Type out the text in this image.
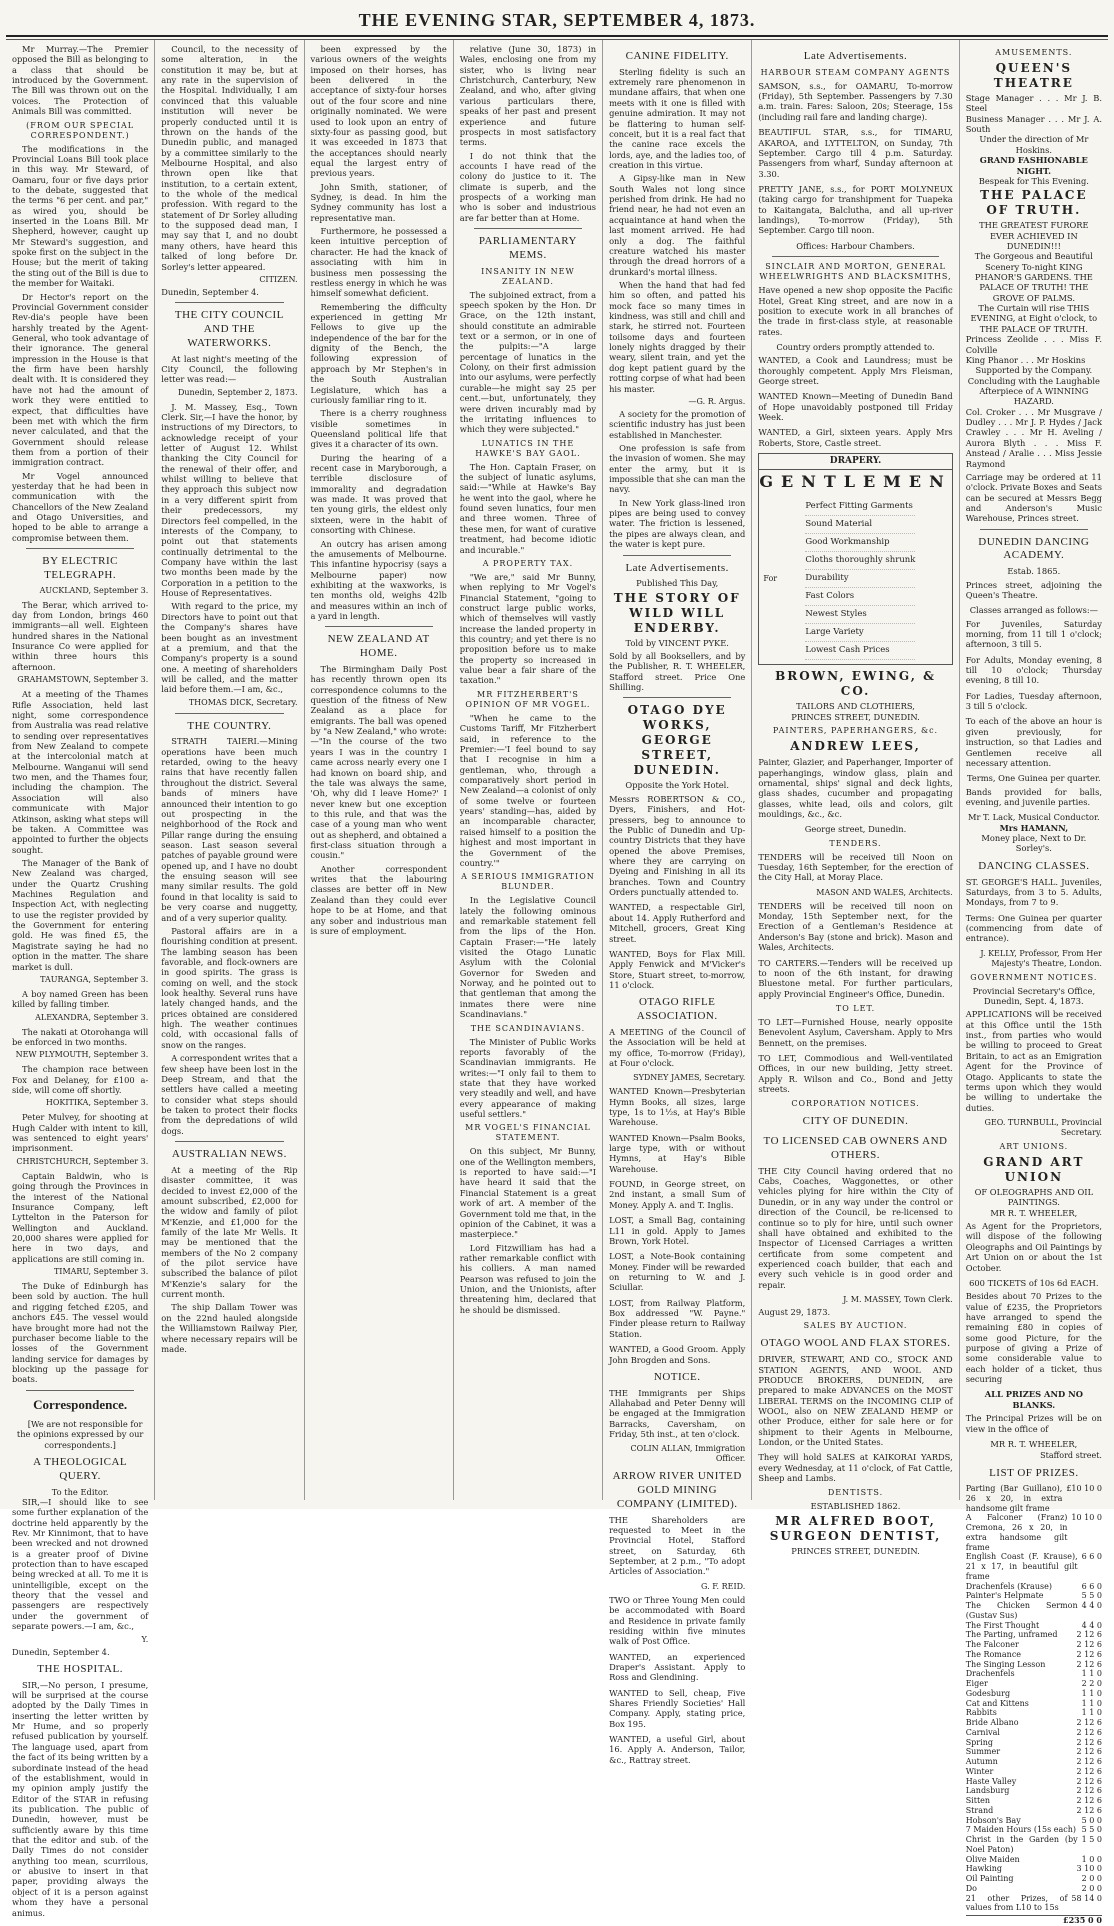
THE EVENING STAR, SEPTEMBER 4, 1873.

Mr Murray.—The Premier opposed the Bill as belonging to a class that should be introduced by the Government. The Bill was thrown out on the voices. The Protection of Animals Bill was committed.

(FROM OUR SPECIAL CORRESPONDENT.)

The modifications in the Provincial Loans Bill took place in this way. Mr Steward, of Oamaru, four or five days prior to the debate, suggested that the terms "6 per cent. and par," as wired you, should be inserted in the Loans Bill. Mr Shepherd, however, caught up Mr Steward's suggestion, and spoke first on the subject in the House; but the merit of taking the sting out of the Bill is due to the member for Waitaki.

Dr Hector's report on the Provincial Government consider Rev-dia's people have been harshly treated by the Agent-General, who took advantage of their ignorance. The general impression in the House is that the firm have been harshly dealt with. It is considered they have not had the amount of work they were entitled to expect, that difficulties have been met with which the firm never calculated, and that the Government should release them from a portion of their immigration contract.

Mr Vogel announced yesterday that he had been in communication with the Chancellors of the New Zealand and Otago Universities, and hoped to be able to arrange a compromise between them.

BY ELECTRIC TELEGRAPH.
AUCKLAND, September 3.

The Berar, which arrived to-day from London, brings 460 immigrants—all well. Eighteen hundred shares in the National Insurance Co were applied for within three hours this afternoon.

GRAHAMSTOWN, September 3.

At a meeting of the Thames Rifle Association, held last night, some correspondence from Australia was read relative to sending over representatives from New Zealand to compete at the intercolonial match at Melbourne. Wanganui will send two men, and the Thames four, including the champion. The Association will also communicate with Major Atkinson, asking what steps will be taken. A Committee was appointed to further the objects sought.

The Manager of the Bank of New Zealand was charged, under the Quartz Crushing Machines Regulation and Inspection Act, with neglecting to use the register provided by the Government for entering gold. He was fined £5, the Magistrate saying he had no option in the matter. The share market is dull.

TAURANGA, September 3.

A boy named Green has been killed by falling timber.

ALEXANDRA, September 3.

The nakati at Otorohanga will be enforced in two months.

NEW PLYMOUTH, September 3.

The champion race between Fox and Delaney, for £100 a-side, will come off shortly.

HOKITIKA, September 3.

Peter Mulvey, for shooting at Hugh Calder with intent to kill, was sentenced to eight years' imprisonment.

CHRISTCHURCH, September 3.

Captain Baldwin, who is going through the Provinces in the interest of the National Insurance Company, left Lyttelton in the Paterson for Wellington and Auckland. 20,000 shares were applied for here in two days, and applications are still coming in.

TIMARU, September 3.

The Duke of Edinburgh has been sold by auction. The hull and rigging fetched £205, and anchors £45. The vessel would have brought more had not the purchaser become liable to the losses of the Government landing service for damages by blocking up the passage for boats.

Correspondence.

[We are not responsible for the opinions expressed by our correspondents.]

A THEOLOGICAL QUERY.
To the Editor.

SIR,—I should like to see some further explanation of the doctrine held apparently by the Rev. Mr Kinnimont, that to have been wrecked and not drowned is a greater proof of Divine protection than to have escaped being wrecked at all. To me it is unintelligible, except on the theory that the vessel and passengers are respectively under the government of separate powers.—I am, &c.,

Y.
Dunedin, September 4.
THE HOSPITAL.

SIR,—No person, I presume, will be surprised at the course adopted by the Daily Times in inserting the letter written by Mr Hume, and so properly refused publication by yourself. The language used, apart from the fact of its being written by a subordinate instead of the head of the establishment, would in my opinion amply justify the Editor of the STAR in refusing its publication. The public of Dunedin, however, must be sufficiently aware by this time that the editor and sub. of the Daily Times do not consider anything too mean, scurrilous, or abusive to insert in that paper, providing always the object of it is a person against whom they have a personal animus.

Council, to the necessity of some alteration, in the constitution it may be, but at any rate in the supervision of the Hospital. Individually, I am convinced that this valuable institution will never be properly conducted until it is thrown on the hands of the Dunedin public, and managed by a committee similarly to the Melbourne Hospital, and also thrown open like that institution, to a certain extent, to the whole of the medical profession. With regard to the statement of Dr Sorley alluding to the supposed dead man, I may say that I, and no doubt many others, have heard this talked of long before Dr. Sorley's letter appeared.

CITIZEN.
Dunedin, September 4.
THE CITY COUNCIL AND THE WATERWORKS.

At last night's meeting of the City Council, the following letter was read:—

Dunedin, September 2, 1873.

J. M. Massey, Esq., Town Clerk. Sir,—I have the honor, by instructions of my Directors, to acknowledge receipt of your letter of August 12. Whilst thanking the City Council for the renewal of their offer, and whilst willing to believe that they approach this subject now in a very different spirit from their predecessors, my Directors feel compelled, in the interests of the Company, to point out that statements continually detrimental to the Company have within the last two months been made by the Corporation in a petition to the House of Representatives.

With regard to the price, my Directors have to point out that the Company's shares have been bought as an investment at a premium, and that the Company's property is a sound one. A meeting of shareholders will be called, and the matter laid before them.—I am, &c.,

THOMAS DICK, Secretary.
THE COUNTRY.

STRATH TAIERI.—Mining operations have been much retarded, owing to the heavy rains that have recently fallen throughout the district. Several bands of miners have announced their intention to go out prospecting in the neighborhood of the Rock and Pillar range during the ensuing season. Last season several patches of payable ground were opened up, and I have no doubt the ensuing season will see many similar results. The gold found in that locality is said to be very coarse and nuggetty, and of a very superior quality.

Pastoral affairs are in a flourishing condition at present. The lambing season has been favorable, and flock-owners are in good spirits. The grass is coming on well, and the stock look healthy. Several runs have lately changed hands, and the prices obtained are considered high. The weather continues cold, with occasional falls of snow on the ranges.

A correspondent writes that a few sheep have been lost in the Deep Stream, and that the settlers have called a meeting to consider what steps should be taken to protect their flocks from the depredations of wild dogs.

AUSTRALIAN NEWS.

At a meeting of the Rip disaster committee, it was decided to invest £2,000 of the amount subscribed, £2,000 for the widow and family of pilot M'Kenzie, and £1,000 for the family of the late Mr Wells. It may be mentioned that the members of the No 2 company of the pilot service have subscribed the balance of pilot M'Kenzie's salary for the current month.

The ship Dallam Tower was on the 22nd hauled alongside the Williamstown Railway Pier, where necessary repairs will be made.

been expressed by the various owners of the weights imposed on their horses, has been delivered in the acceptance of sixty-four horses out of the four score and nine originally nominated. We were used to look upon an entry of sixty-four as passing good, but it was exceeded in 1873 that the acceptances should nearly equal the largest entry of previous years.

John Smith, stationer, of Sydney, is dead. In him the Sydney community has lost a representative man.

Furthermore, he possessed a keen intuitive perception of character. He had the knack of associating with him in business men possessing the restless energy in which he was himself somewhat deficient.

Remembering the difficulty experienced in getting Mr Fellows to give up the independence of the bar for the dignity of the Bench, the following expression of approach by Mr Stephen's in the South Australian Legislature, which has a curiously familiar ring to it.

There is a cherry roughness visible sometimes in Queensland political life that gives it a character of its own.

During the hearing of a recent case in Maryborough, a terrible disclosure of immorality and degradation was made. It was proved that ten young girls, the eldest only sixteen, were in the habit of consorting with Chinese.

An outcry has arisen among the amusements of Melbourne. This infantine hypocrisy (says a Melbourne paper) now exhibiting at the waxworks, is ten months old, weighs 42lb and measures within an inch of a yard in length.

NEW ZEALAND AT HOME.

The Birmingham Daily Post has recently thrown open its correspondence columns to the question of the fitness of New Zealand as a place for emigrants. The ball was opened by "a New Zealand," who wrote:—"In the course of the two years I was in the country I came across nearly every one I had known on board ship, and the tale was always the same, 'Oh, why did I leave Home?' I never knew but one exception to this rule, and that was the case of a young man who went out as shepherd, and obtained a first-class situation through a cousin."

Another correspondent writes that the labouring classes are better off in New Zealand than they could ever hope to be at Home, and that any sober and industrious man is sure of employment.

relative (June 30, 1873) in Wales, enclosing one from my sister, who is living near Christchurch, Canterbury, New Zealand, and who, after giving various particulars there, speaks of her past and present experience and future prospects in most satisfactory terms.

I do not think that the accounts I have read of the colony do justice to it. The climate is superb, and the prospects of a working man who is sober and industrious are far better than at Home.

PARLIAMENTARY MEMS.
INSANITY IN NEW ZEALAND.

The subjoined extract, from a speech spoken by the Hon. Dr Grace, on the 12th instant, should constitute an admirable text or a sermon, or in one of the pulpits:—"A large percentage of lunatics in the Colony, on their first admission into our asylums, were perfectly curable—he might say 25 per cent.—but, unfortunately, they were driven incurably mad by the irritating influences to which they were subjected."

LUNATICS IN THE HAWKE'S BAY GAOL.

The Hon. Captain Fraser, on the subject of lunatic asylums, said:—"While at Hawke's Bay he went into the gaol, where he found seven lunatics, four men and three women. Three of these men, for want of curative treatment, had become idiotic and incurable."

A PROPERTY TAX.

"We are," said Mr Bunny, when replying to Mr Vogel's Financial Statement, "going to construct large public works, which of themselves will vastly increase the landed property in this country; and yet there is no proposition before us to make the property so increased in value bear a fair share of the taxation."

MR FITZHERBERT'S OPINION OF MR VOGEL.

"When he came to the Customs Tariff, Mr Fitzherbert said, in reference to the Premier:—'I feel bound to say that I recognise in him a gentleman, who, through a comparatively short period in New Zealand—a colonist of only of some twelve or fourteen years' standing—has, aided by an incomparable character, raised himself to a position the highest and most important in the Government of the country.'"

A SERIOUS IMMIGRATION BLUNDER.

In the Legislative Council lately the following ominous and remarkable statement fell from the lips of the Hon. Captain Fraser:—"He lately visited the Otago Lunatic Asylum with the Colonial Governor for Sweden and Norway, and he pointed out to that gentleman that among the inmates there were nine Scandinavians."

THE SCANDINAVIANS.

The Minister of Public Works reports favorably of the Scandinavian immigrants. He writes:—"I only fail to them to state that they have worked very steadily and well, and have every appearance of making useful settlers."

MR VOGEL'S FINANCIAL STATEMENT.

On this subject, Mr Bunny, one of the Wellington members, is reported to have said:—"I have heard it said that the Financial Statement is a great work of art. A member of the Government told me that, in the opinion of the Cabinet, it was a masterpiece."

Lord Fitzwilliam has had a rather remarkable conflict with his colliers. A man named Pearson was refused to join the Union, and the Unionists, after threatening him, declared that he should be dismissed.

CANINE FIDELITY.

Sterling fidelity is such an extremely rare phenomenon in mundane affairs, that when one meets with it one is filled with genuine admiration. It may not be flattering to human self-conceit, but it is a real fact that the canine race excels the lords, aye, and the ladies too, of creation in this virtue.

A Gipsy-like man in New South Wales not long since perished from drink. He had no friend near, he had not even an acquaintance at hand when the last moment arrived. He had only a dog. The faithful creature watched his master through the dread horrors of a drunkard's mortal illness.

When the hand that had fed him so often, and patted his mock face so many times in kindness, was still and chill and stark, he stirred not. Fourteen toilsome days and fourteen lonely nights dragged by their weary, silent train, and yet the dog kept patient guard by the rotting corpse of what had been his master.

—G. R. Argus.

A society for the promotion of scientific industry has just been established in Manchester.

One profession is safe from the invasion of women. She may enter the army, but it is impossible that she can man the navy.

In New York glass-lined iron pipes are being used to convey water. The friction is lessened, the pipes are always clean, and the water is kept pure.

Late Advertisements.
Published This Day,
THE STORY OF WILD WILL ENDERBY.
Told by VINCENT PYKE.
Sold by all Booksellers, and by the Publisher, R. T. WHEELER, Stafford street. Price One Shilling.
OTAGO DYE WORKS, GEORGE STREET, DUNEDIN.
Opposite the York Hotel.
Messrs ROBERTSON & CO., Dyers, Finishers, and Hot-pressers, beg to announce to the Public of Dunedin and Up-country Districts that they have opened the above Premises, where they are carrying on Dyeing and Finishing in all its branches. Town and Country Orders punctually attended to.
WANTED, a respectable Girl, about 14. Apply Rutherford and Mitchell, grocers, Great King street.
WANTED, Boys for Flax Mill. Apply Fenwick and M'Vicker's Store, Stuart street, to-morrow, 11 o'clock.
OTAGO RIFLE ASSOCIATION.
A MEETING of the Council of the Association will be held at my office, To-morrow (Friday), at Four o'clock.
SYDNEY JAMES, Secretary.
WANTED Known—Presbyterian Hymn Books, all sizes, large type, 1s to 1½s, at Hay's Bible Warehouse.
WANTED Known—Psalm Books, large type, with or without Hymns, at Hay's Bible Warehouse.
FOUND, in George street, on 2nd instant, a small Sum of Money. Apply A. and T. Inglis.
LOST, a Small Bag, containing L11 in gold. Apply to James Brown, York Hotel.
LOST, a Note-Book containing Money. Finder will be rewarded on returning to W. and J. Sciullar.
LOST, from Railway Platform, Box addressed "W. Payne." Finder please return to Railway Station.
WANTED, a Good Groom. Apply John Brogden and Sons.
NOTICE.
THE Immigrants per Ships Allahabad and Peter Denny will be engaged at the Immigration Barracks, Caversham, on Friday, 5th inst., at ten o'clock.
COLIN ALLAN, Immigration Officer.
ARROW RIVER UNITED GOLD MINING COMPANY (LIMITED).
THE Shareholders are requested to Meet in the Provincial Hotel, Stafford street, on Saturday, 6th September, at 2 p.m., "To adopt Articles of Association."
G. F. REID.
TWO or Three Young Men could be accommodated with Board and Residence in private family residing within five minutes walk of Post Office.
WANTED, an experienced Draper's Assistant. Apply to Ross and Glendining.
WANTED to Sell, cheap, Five Shares Friendly Societies' Hall Company. Apply, stating price, Box 195.
WANTED, a useful Girl, about 16. Apply A. Anderson, Tailor, &c., Rattray street.
Late Advertisements.
HARBOUR STEAM COMPANY AGENTS
SAMSON, s.s., for OAMARU, To-morrow (Friday), 5th September. Passengers by 7.30 a.m. train. Fares: Saloon, 20s; Steerage, 15s (including rail fare and landing charge).
BEAUTIFUL STAR, s.s., for TIMARU, AKAROA, and LYTTELTON, on Sunday, 7th September. Cargo till 4 p.m. Saturday. Passengers from wharf, Sunday afternoon at 3.30.
PRETTY JANE, s.s., for PORT MOLYNEUX (taking cargo for transhipment for Tuapeka to Kaitangata, Balclutha, and all up-river landings), To-morrow (Friday), 5th September. Cargo till noon.
Offices: Harbour Chambers.
SINCLAIR AND MORTON, GENERAL WHEELWRIGHTS AND BLACKSMITHS,
Have opened a new shop opposite the Pacific Hotel, Great King street, and are now in a position to execute work in all branches of the trade in first-class style, at reasonable rates.
Country orders promptly attended to.
WANTED, a Cook and Laundress; must be thoroughly competent. Apply Mrs Fleisman, George street.
WANTED Known—Meeting of Dunedin Band of Hope unavoidably postponed till Friday Week.
WANTED, a Girl, sixteen years. Apply Mrs Roberts, Store, Castle street.
DRAPERY.
GENTLEMEN
For
Perfect Fitting Garments
Sound Material
Good Workmanship
Cloths thoroughly shrunk
Durability
Fast Colors
Newest Styles
Large Variety
Lowest Cash Prices
BROWN, EWING, & CO.
TAILORS AND CLOTHIERS,
PRINCES STREET, DUNEDIN.
PAINTERS, PAPERHANGERS, &c.
ANDREW LEES,
Painter, Glazier, and Paperhanger, Importer of paperhangings, window glass, plain and ornamental, ships' signal and deck lights, glass shades, cucumber and propagating glasses, white lead, oils and colors, gilt mouldings, &c., &c.
George street, Dunedin.
TENDERS.
TENDERS will be received till Noon on Tuesday, 16th September, for the erection of the City Hall, at Moray Place.
MASON AND WALES, Architects.
TENDERS will be received till noon on Monday, 15th September next, for the Erection of a Gentleman's Residence at Anderson's Bay (stone and brick). Mason and Wales, Architects.
TO CARTERS.—Tenders will be received up to noon of the 6th instant, for drawing Bluestone metal. For further particulars, apply Provincial Engineer's Office, Dunedin.
TO LET.
TO LET—Furnished House, nearly opposite Benevolent Asylum, Caversham. Apply to Mrs Bennett, on the premises.
TO LET, Commodious and Well-ventilated Offices, in our new building, Jetty street. Apply R. Wilson and Co., Bond and Jetty streets.
CORPORATION NOTICES.
CITY OF DUNEDIN.
TO LICENSED CAB OWNERS AND OTHERS.
THE City Council having ordered that no Cabs, Coaches, Waggonettes, or other vehicles plying for hire within the City of Dunedin, or in any way under the control or direction of the Council, be re-licensed to continue so to ply for hire, until such owner shall have obtained and exhibited to the Inspector of Licensed Carriages a written certificate from some competent and experienced coach builder, that each and every such vehicle is in good order and repair.
J. M. MASSEY, Town Clerk.
August 29, 1873.
SALES BY AUCTION.
OTAGO WOOL AND FLAX STORES.
DRIVER, STEWART, AND CO., STOCK AND STATION AGENTS, AND WOOL AND PRODUCE BROKERS, DUNEDIN, are prepared to make ADVANCES on the MOST LIBERAL TERMS on the INCOMING CLIP of WOOL, also on NEW ZEALAND HEMP or other Produce, either for sale here or for shipment to their Agents in Melbourne, London, or the United States.
They will hold SALES at KAIKORAI YARDS, every Wednesday, at 11 o'clock, of Fat Cattle, Sheep and Lambs.
DENTISTS.
ESTABLISHED 1862.
MR ALFRED BOOT, SURGEON DENTIST,
PRINCES STREET, DUNEDIN.
AMUSEMENTS.
QUEEN'S THEATRE
Stage Manager . . . Mr J. B. Steel
Business Manager . . . Mr J. A. South
Under the direction of Mr Hoskins.
GRAND FASHIONABLE NIGHT.
Bespeak for This Evening.
THE PALACE OF TRUTH.
THE GREATEST FURORE EVER ACHIEVED IN DUNEDIN!!!
The Gorgeous and Beautiful Scenery To-night KING PHANOR'S GARDENS. THE PALACE OF TRUTH! THE GROVE OF PALMS.
The Curtain will rise THIS EVENING, at Eight o'clock, to THE PALACE OF TRUTH.
Princess Zeolide . . . Miss F. Colville
King Phanor . . . Mr Hoskins
Supported by the Company.
Concluding with the Laughable Afterpiece of A WINNING HAZARD.
Col. Croker . . . Mr Musgrave / Dudley . . . Mr J. P. Hydes / Jack Crawley . . . Mr H. Aveling / Aurora Blyth . . . Miss F. Anstead / Aralie . . . Miss Jessie Raymond
Carriage may be ordered at 11 o'clock. Private Boxes and Seats can be secured at Messrs Begg and Anderson's Music Warehouse, Princes street.
DUNEDIN DANCING ACADEMY.
Estab. 1865.
Princes street, adjoining the Queen's Theatre.
Classes arranged as follows:—
For Juveniles, Saturday morning, from 11 till 1 o'clock; afternoon, 3 till 5.
For Adults, Monday evening, 8 till 10 o'clock; Thursday evening, 8 till 10.
For Ladies, Tuesday afternoon, 3 till 5 o'clock.
To each of the above an hour is given previously, for instruction, so that Ladies and Gentlemen receive all necessary attention.
Terms, One Guinea per quarter.
Bands provided for balls, evening, and juvenile parties.
Mr T. Lack, Musical Conductor.
Mrs HAMANN,
Money place, Next to Dr. Sorley's.
DANCING CLASSES.
ST. GEORGE'S HALL. Juveniles, Saturdays, from 3 to 5. Adults, Mondays, from 7 to 9.
Terms: One Guinea per quarter (commencing from date of entrance).
J. KELLY, Professor, From Her Majesty's Theatre, London.
GOVERNMENT NOTICES.
Provincial Secretary's Office, Dunedin, Sept. 4, 1873.
APPLICATIONS will be received at this Office until the 15th inst., from parties who would be willing to proceed to Great Britain, to act as an Emigration Agent for the Province of Otago. Applicants to state the terms upon which they would be willing to undertake the duties.
GEO. TURNBULL, Provincial Secretary.
ART UNIONS.
GRAND ART UNION
OF OLEOGRAPHS AND OIL PAINTINGS.
MR R. T. WHEELER,
As Agent for the Proprietors, will dispose of the following Oleographs and Oil Paintings by Art Union on or about the 1st October.
600 TICKETS of 10s 6d EACH.
Besides about 70 Prizes to the value of £235, the Proprietors have arranged to spend the remaining £80 in copies of some good Picture, for the purpose of giving a Prize of some considerable value to each holder of a ticket, thus securing
ALL PRIZES AND NO BLANKS.
The Principal Prizes will be on view in the office of
MR R. T. WHEELER,
Stafford street.
LIST OF PRIZES.
Parting (Bar Guillano), 26 x 20, in extra handsome gilt frame
£10 10 0
A Falconer (Franz) Cremona, 26 x 20, in extra handsome gilt frame
10 10 0
English Coast (F. Krause), 21 x 17, in beautiful gilt frame
6 6 0
Drachenfels (Krause)	6 6 0
Painter's Helpmate	5 5 0
The Chicken Sermon (Gustav Sus)
4 4 0
The First Thought	4 4 0
The Parting, unframed 2 12 6
The Falconer	2 12 6
The Romance	2 12 6
The Singing Lesson	2 12 6
Drachenfels	1 1 0
Eiger	2 2 0
Godesburg	1 1 0
Cat and Kittens	1 1 0
Rabbits	1 1 0
Bride Albano	2 12 6
Carnival	2 12 6
Spring	2 12 6
Summer	2 12 6
Autumn	2 12 6
Winter	2 12 6
Haste Valley	2 12 6
Landsburg	2 12 6
Sitten	2 12 6
Strand	2 12 6
Hobson's Bay	5 0 0
7 Maiden Hours (15s each) 5 5 0
Christ in the Garden (by Noel Paton)
1 5 0
Olive Maiden	1 0 0
Hawking	3 10 0
Oil Painting	2 0 0
Do	2 0 0
21 other Prizes, of values from L10 to 15s
58 14 0
£235 0 0
